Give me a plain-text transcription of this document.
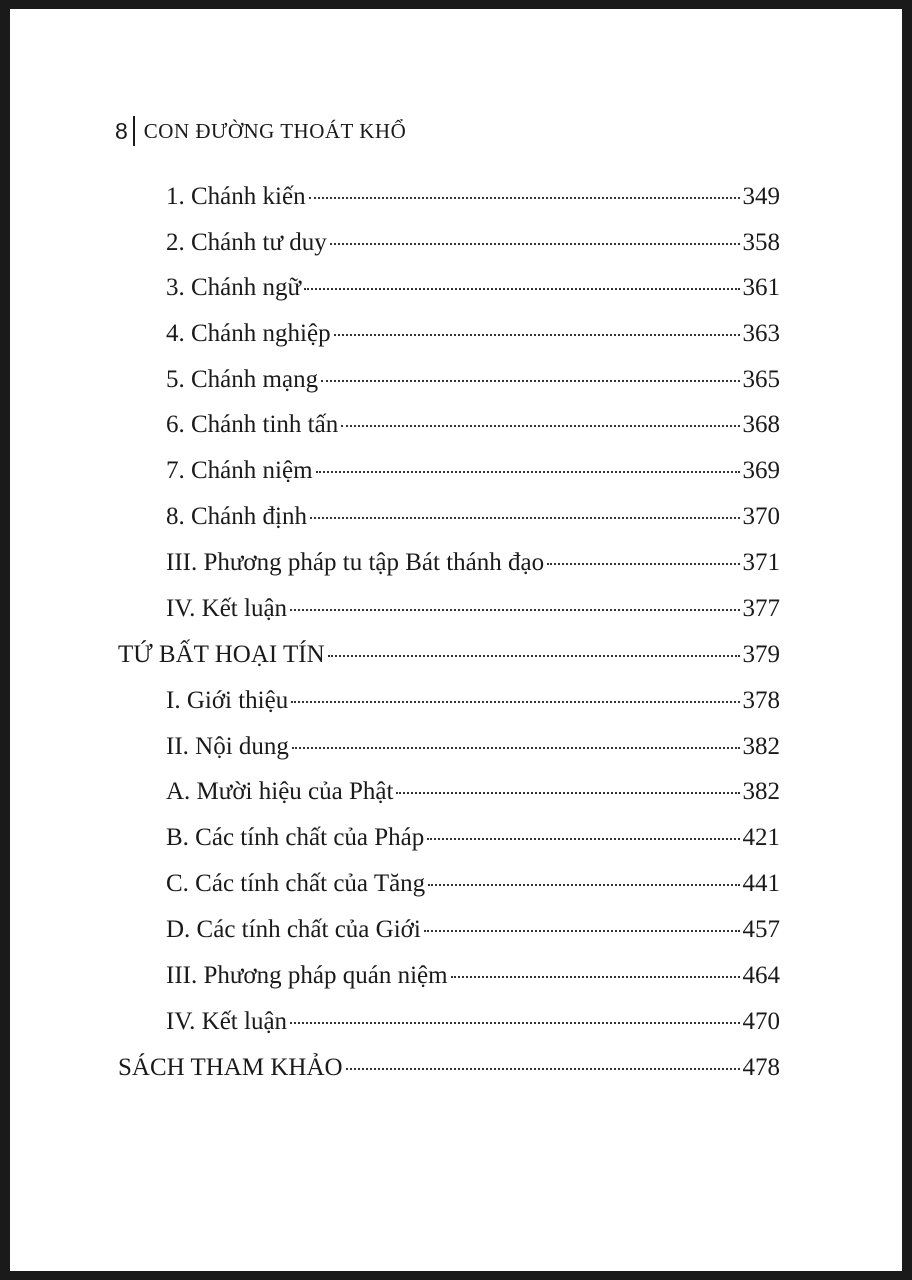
8 CON ĐƯỜNG THOÁT KHỔ
1. Chánh kiến	349
2. Chánh tư duy	358
3. Chánh ngữ	361
4. Chánh nghiệp	363
5. Chánh mạng	365
6. Chánh tinh tấn	368
7. Chánh niệm	369
8. Chánh định	370
III. Phương pháp tu tập Bát thánh đạo	371
IV. Kết luận	377
TỨ BẤT HOẠI TÍN	379
I. Giới thiệu	378
II. Nội dung	382
A. Mười hiệu của Phật	382
B. Các tính chất của Pháp	421
C. Các tính chất của Tăng	441
D. Các tính chất của Giới	457
III. Phương pháp quán niệm	464
IV. Kết luận	470
SÁCH THAM KHẢO	478
